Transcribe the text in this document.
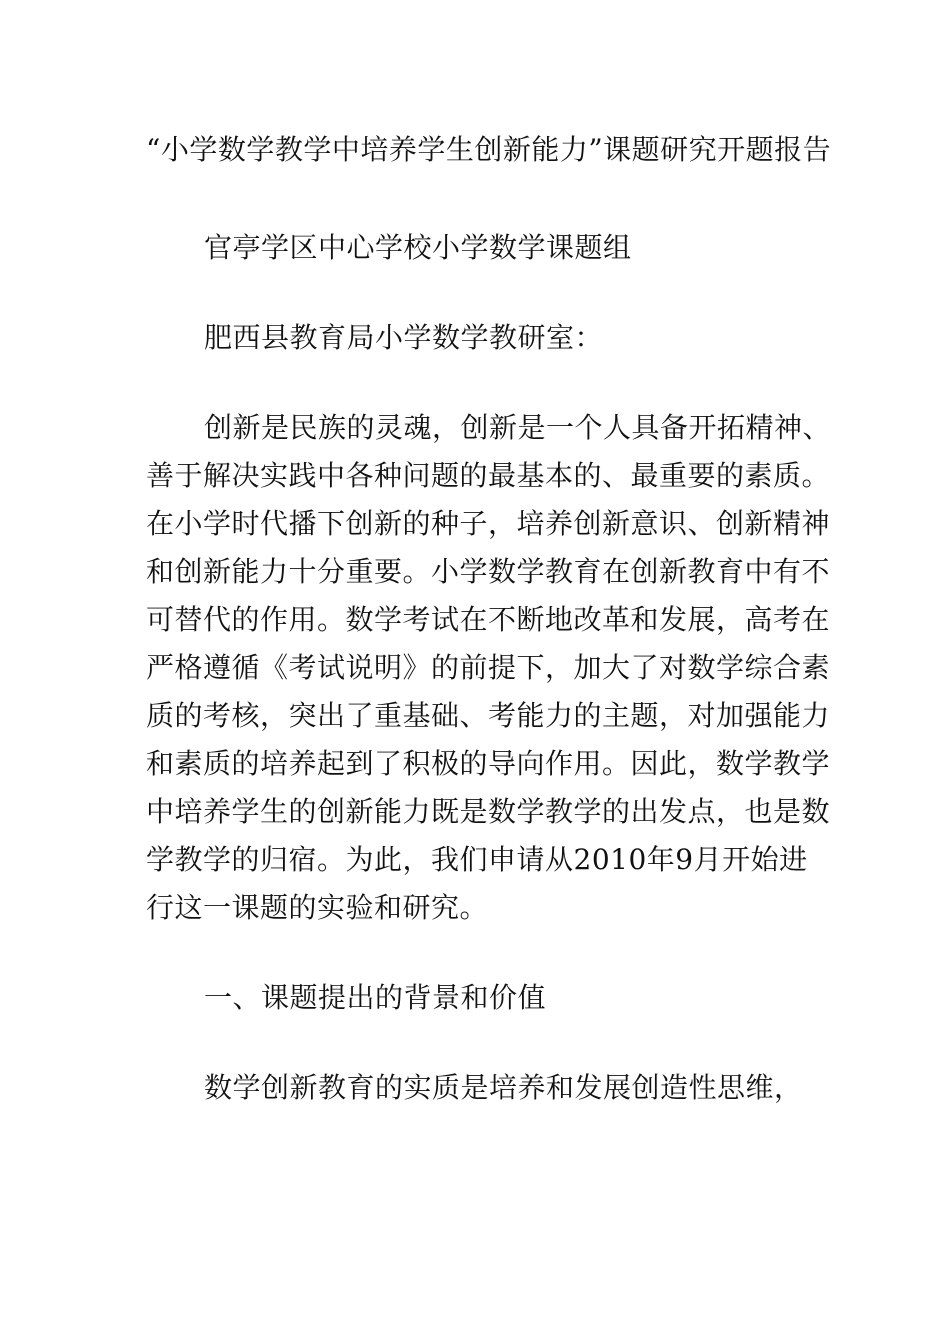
“小学数学教学中培养学生创新能力”课题研究开题报告

官亭学区中心学校小学数学课题组

肥西县教育局小学数学教研室：

创新是民族的灵魂，创新是一个人具备开拓精神、善于解决实践中各种问题的最基本的、最重要的素质。在小学时代播下创新的种子，培养创新意识、创新精神和创新能力十分重要。小学数学教育在创新教育中有不可替代的作用。数学考试在不断地改革和发展，高考在严格遵循《考试说明》的前提下，加大了对数学综合素质的考核，突出了重基础、考能力的主题，对加强能力和素质的培养起到了积极的导向作用。因此，数学教学中培养学生的创新能力既是数学教学的出发点，也是数学教学的归宿。为此，我们申请从2010年9月开始进行这一课题的实验和研究。

一、课题提出的背景和价值

数学创新教育的实质是培养和发展创造性思维，
